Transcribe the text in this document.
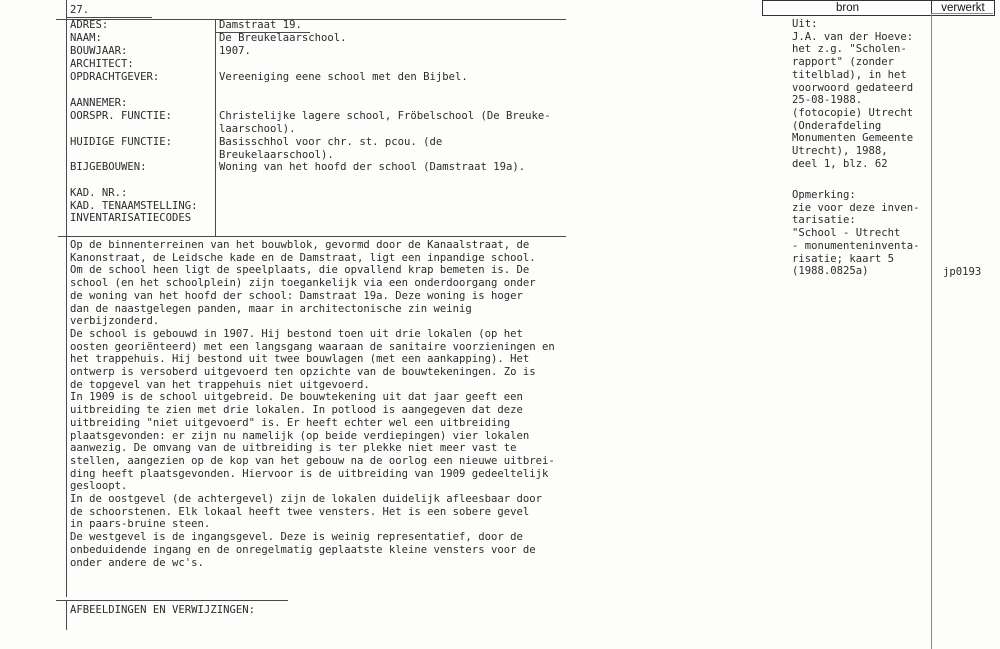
27.
ADRES:	Damstraat 19.
NAAM:	De Breukelaarschool.
BOUWJAAR:	1907.
ARCHITECT:
OPDRACHTGEVER:	Vereeniging eene school met den Bijbel.
AANNEMER:
OORSPR. FUNCTIE:	Christelijke lagere school, Fröbelschool (De Breuke-
laarschool).
HUIDIGE FUNCTIE:	Basisschhol voor chr. st. pcou. (de
Breukelaarschool).
BIJGEBOUWEN:	Woning van het hoofd der school (Damstraat 19a).
KAD. NR.:
KAD. TENAAMSTELLING:
INVENTARISATIECODES
Op de binnenterreinen van het bouwblok, gevormd door de Kanaalstraat, de
Kanonstraat, de Leidsche kade en de Damstraat, ligt een inpandige school.
Om de school heen ligt de speelplaats, die opvallend krap bemeten is. De
school (en het schoolplein) zijn toegankelijk via een onderdoorgang onder
de woning van het hoofd der school: Damstraat 19a. Deze woning is hoger
dan de naastgelegen panden, maar in architectonische zin weinig
verbijzonderd.
De school is gebouwd in 1907. Hij bestond toen uit drie lokalen (op het
oosten georiënteerd) met een langsgang waaraan de sanitaire voorzieningen en
het trappehuis. Hij bestond uit twee bouwlagen (met een aankapping). Het
ontwerp is versoberd uitgevoerd ten opzichte van de bouwtekeningen. Zo is
de topgevel van het trappehuis niet uitgevoerd.
In 1909 is de school uitgebreid. De bouwtekening uit dat jaar geeft een
uitbreiding te zien met drie lokalen. In potlood is aangegeven dat deze
uitbreiding "niet uitgevoerd" is. Er heeft echter wel een uitbreiding
plaatsgevonden: er zijn nu namelijk (op beide verdiepingen) vier lokalen
aanwezig. De omvang van de uitbreiding is ter plekke niet meer vast te
stellen, aangezien op de kop van het gebouw na de oorlog een nieuwe uitbrei-
ding heeft plaatsgevonden. Hiervoor is de uitbreiding van 1909 gedeeltelijk
gesloopt.
In de oostgevel (de achtergevel) zijn de lokalen duidelijk afleesbaar door
de schoorstenen. Elk lokaal heeft twee vensters. Het is een sobere gevel
in paars-bruine steen.
De westgevel is de ingangsgevel. Deze is weinig representatief, door de
onbeduidende ingang en de onregelmatig geplaatste kleine vensters voor de
onder andere de wc's.
AFBEELDINGEN EN VERWIJZINGEN:
bron	verwerkt
Uit:
J.A. van der Hoeve:
het z.g. "Scholen-
rapport" (zonder
titelblad), in het
voorwoord gedateerd
25-08-1988.
(fotocopie) Utrecht
(Onderafdeling
Monumenten Gemeente
Utrecht), 1988,
deel 1, blz. 62
Opmerking:
zie voor deze inven-
tarisatie:
"School - Utrecht
- monumenteninventa-
risatie; kaart 5
(1988.0825a)	jp0193
